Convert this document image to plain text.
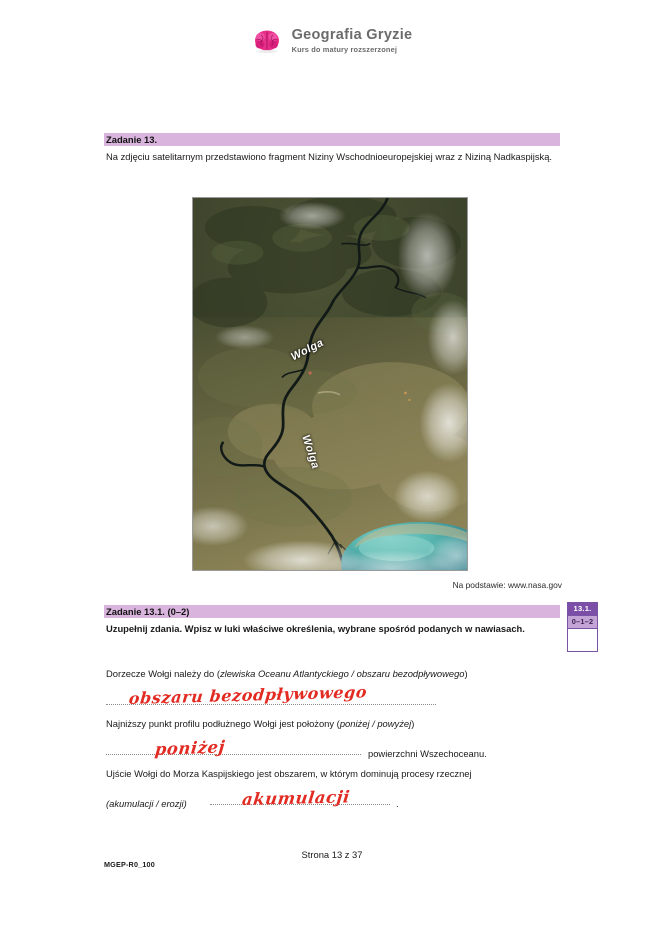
Geografia Gryzie
Kurs do matury rozszerzonej
Zadanie 13.
Na zdjęciu satelitarnym przedstawiono fragment Niziny Wschodnioeuropejskiej wraz z Niziną Nadkaspijską.
Wolga
Wolga
Na podstawie: www.nasa.gov
Zadanie 13.1. (0–2)
Uzupełnij zdania. Wpisz w luki właściwe określenia, wybrane spośród podanych w nawiasach.
13.1.
0–1–2
Dorzecze Wołgi należy do (zlewiska Oceanu Atlantyckiego / obszaru bezodpływowego)
obszaru bezodpływowego
Najniższy punkt profilu podłużnego Wołgi jest położony (poniżej / powyżej)
poniżej	powierzchni Wszechoceanu.
Ujście Wołgi do Morza Kaspijskiego jest obszarem, w którym dominują procesy rzecznej
(akumulacji / erozji)	akumulacji	.
MGEP-R0_100
Strona 13 z 37
